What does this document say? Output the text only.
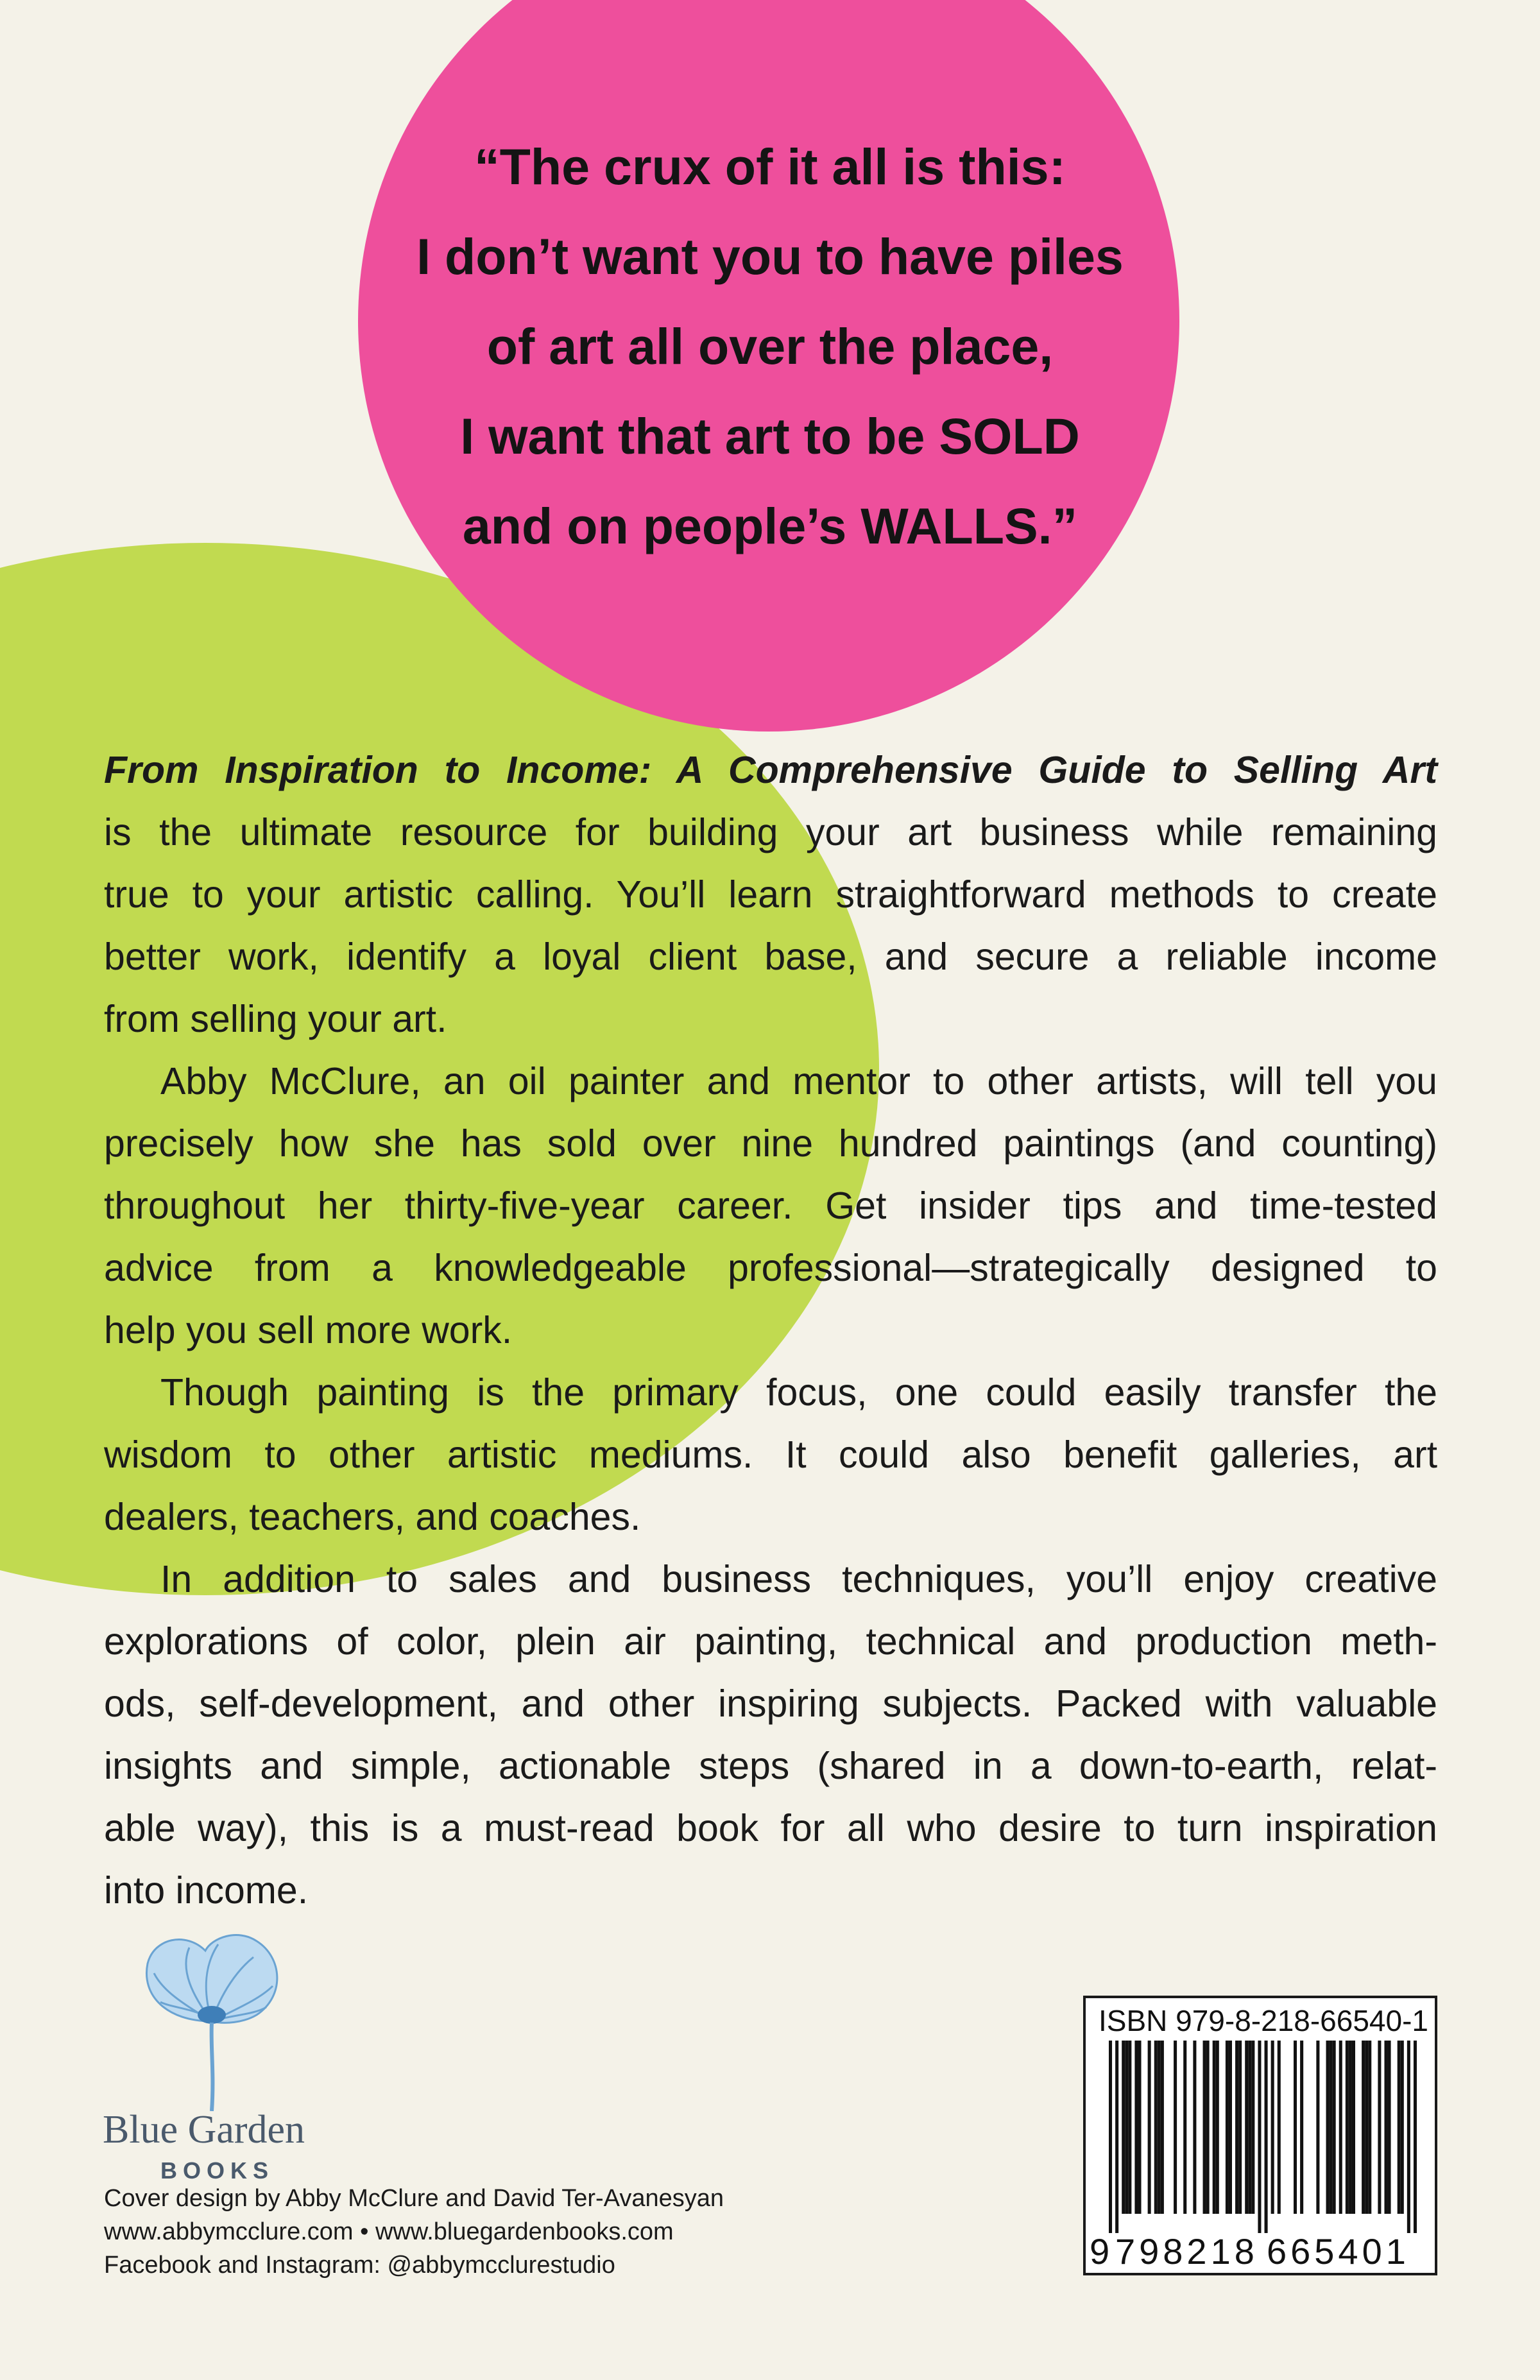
“The crux of it all is this:
I don’t want you to have piles
of art all over the place,
I want that art to be SOLD
and on people’s WALLS.”
From Inspiration to Income: A Comprehensive Guide to Selling Art
is the ultimate resource for building your art business while remaining
true to your artistic calling. You’ll learn straightforward methods to create
better work, identify a loyal client base, and secure a reliable income
from selling your art.
Abby McClure, an oil painter and mentor to other artists, will tell you
precisely how she has sold over nine hundred paintings (and counting)
throughout her thirty-five-year career. Get insider tips and time-tested
advice from a knowledgeable professional—strategically designed to
help you sell more work.
Though painting is the primary focus, one could easily transfer the
wisdom to other artistic mediums. It could also benefit galleries, art
dealers, teachers, and coaches.
In addition to sales and business techniques, you’ll enjoy creative
explorations of color, plein air painting, technical and production meth-
ods, self-development, and other inspiring subjects. Packed with valuable
insights and simple, actionable steps (shared in a down-to-earth, relat-
able way), this is a must-read book for all who desire to turn inspiration
into income.
Blue Garden
BOOKS
Cover design by Abby McClure and David Ter-Avanesyan
www.abbymcclure.com • www.bluegardenbooks.com
Facebook and Instagram: @abbymcclurestudio
ISBN 979-8-218-66540-1
9 798218 665401
